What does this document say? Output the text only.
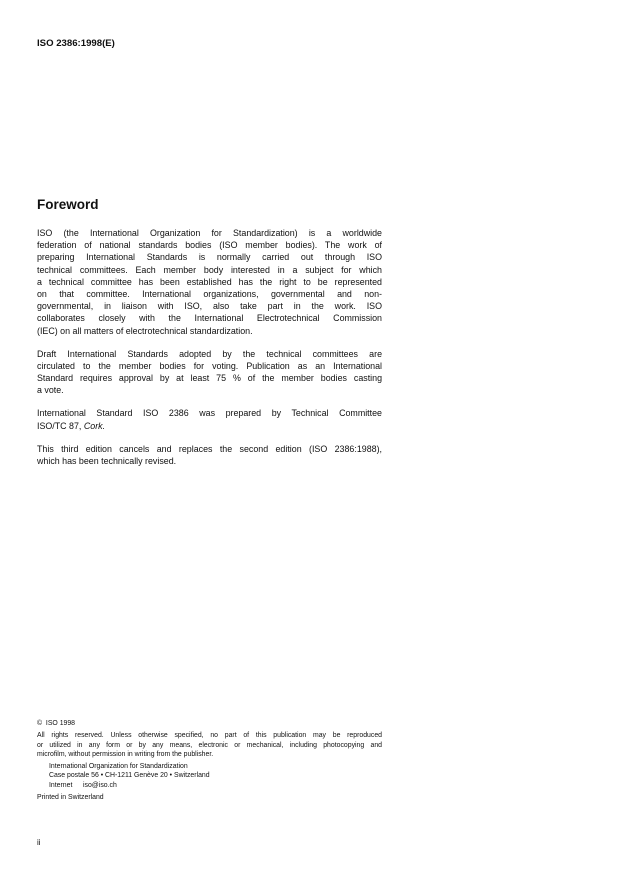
ISO 2386:1998(E)
Foreword
ISO (the International Organization for Standardization) is a worldwide
federation of national standards bodies (ISO member bodies). The work of
preparing International Standards is normally carried out through ISO
technical committees. Each member body interested in a subject for which
a technical committee has been established has the right to be represented
on that committee. International organizations, governmental and non-
governmental, in liaison with ISO, also take part in the work. ISO
collaborates closely with the International Electrotechnical Commission
(IEC) on all matters of electrotechnical standardization.
Draft International Standards adopted by the technical committees are
circulated to the member bodies for voting. Publication as an International
Standard requires approval by at least 75 % of the member bodies casting
a vote.
International Standard ISO 2386 was prepared by Technical Committee
ISO/TC 87, Cork.
This third edition cancels and replaces the second edition (ISO 2386:1988),
which has been technically revised.
©  ISO 1998
All rights reserved. Unless otherwise specified, no part of this publication may be reproduced
or utilized in any form or by any means, electronic or mechanical, including photocopying and
microfilm, without permission in writing from the publisher.
International Organization for Standardization
Case postale 56 • CH-1211 Genève 20 • Switzerland
Internet iso@iso.ch
Printed in Switzerland
ii
